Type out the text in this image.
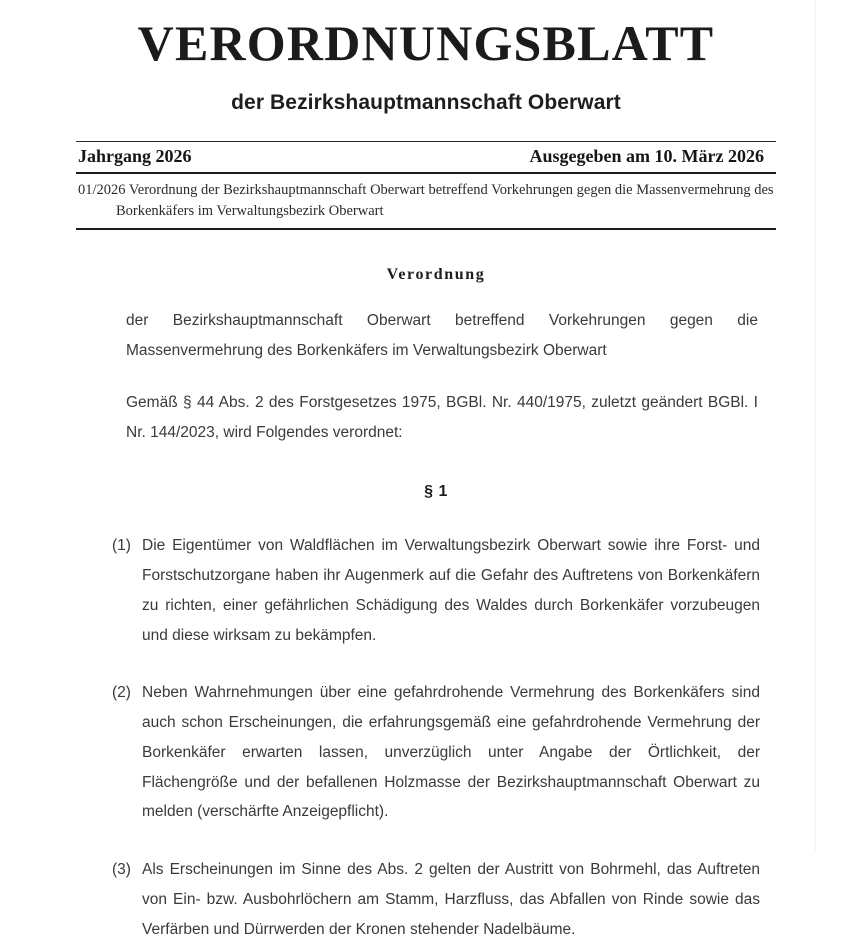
VERORDNUNGSBLATT
der Bezirkshauptmannschaft Oberwart
Jahrgang 2026	Ausgegeben am 10. März 2026
01/2026 Verordnung der Bezirkshauptmannschaft Oberwart betreffend Vorkehrungen gegen die Massenvermehrung des Borkenkäfers im Verwaltungsbezirk Oberwart
Verordnung

der Bezirkshauptmannschaft Oberwart betreffend Vorkehrungen gegen die Massenvermehrung des Borkenkäfers im Verwaltungsbezirk Oberwart

Gemäß § 44 Abs. 2 des Forstgesetzes 1975, BGBl. Nr. 440/1975, zuletzt geändert BGBl. I Nr. 144/2023, wird Folgendes verordnet:

§ 1
(1) Die Eigentümer von Waldflächen im Verwaltungsbezirk Oberwart sowie ihre Forst- und Forstschutzorgane haben ihr Augenmerk auf die Gefahr des Auftretens von Borkenkäfern zu richten, einer gefährlichen Schädigung des Waldes durch Borkenkäfer vorzubeugen und diese wirksam zu bekämpfen.
(2) Neben Wahrnehmungen über eine gefahrdrohende Vermehrung des Borkenkäfers sind auch schon Erscheinungen, die erfahrungsgemäß eine gefahrdrohende Vermehrung der Borkenkäfer erwarten lassen, unverzüglich unter Angabe der Örtlichkeit, der Flächengröße und der befallenen Holzmasse der Bezirkshauptmannschaft Oberwart zu melden (verschärfte Anzeigepflicht).
(3) Als Erscheinungen im Sinne des Abs. 2 gelten der Austritt von Bohrmehl, das Auftreten von Ein- bzw. Ausbohrlöchern am Stamm, Harzfluss, das Abfallen von Rinde sowie das Verfärben und Dürrwerden der Kronen stehender Nadelbäume.
